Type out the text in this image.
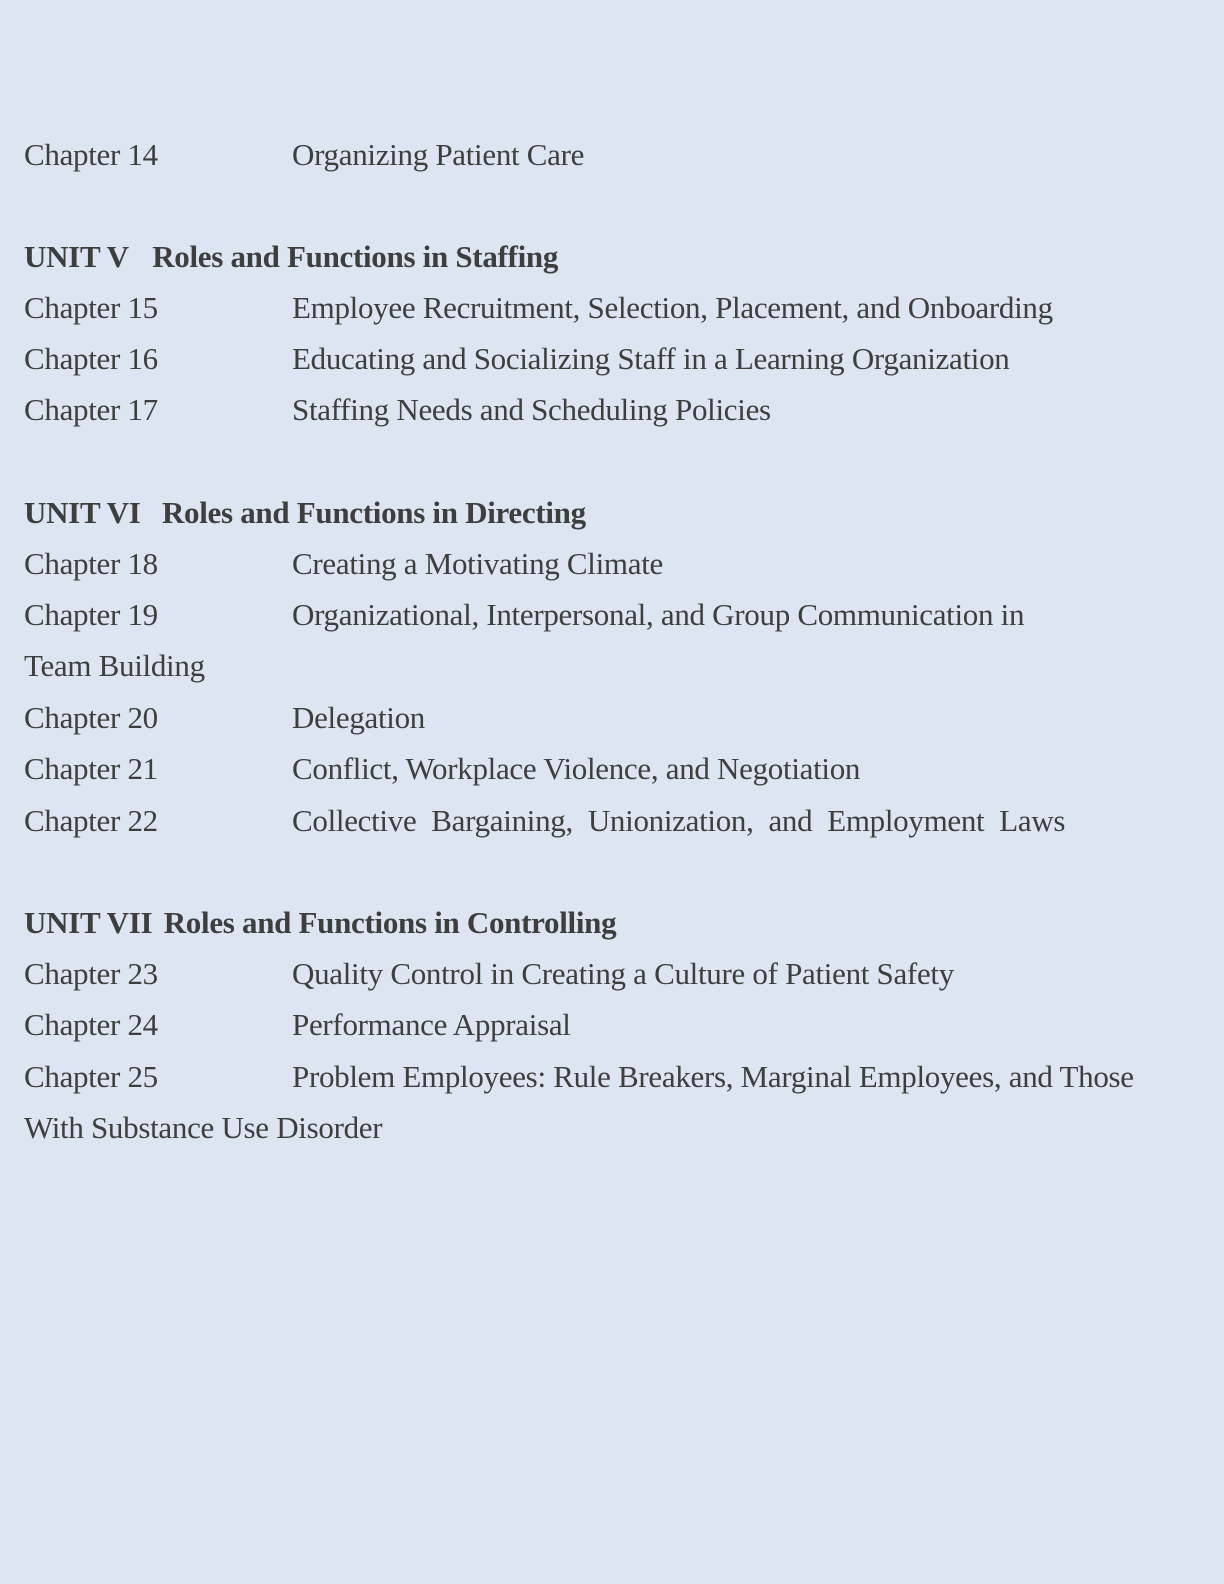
Chapter 14	Organizing Patient Care
UNIT V Roles and Functions in Staffing
Chapter 15	Employee Recruitment, Selection, Placement, and Onboarding
Chapter 16	Educating and Socializing Staff in a Learning Organization
Chapter 17	Staffing Needs and Scheduling Policies
UNIT VI Roles and Functions in Directing
Chapter 18	Creating a Motivating Climate
Chapter 19	Organizational, Interpersonal, and Group Communication in
Team Building
Chapter 20	Delegation
Chapter 21	Conflict, Workplace Violence, and Negotiation
Chapter 22	Collective  Bargaining,  Unionization,  and  Employment  Laws
UNIT VII Roles and Functions in Controlling
Chapter 23	Quality Control in Creating a Culture of Patient Safety
Chapter 24	Performance Appraisal
Chapter 25	Problem Employees: Rule Breakers, Marginal Employees, and Those
With Substance Use Disorder
